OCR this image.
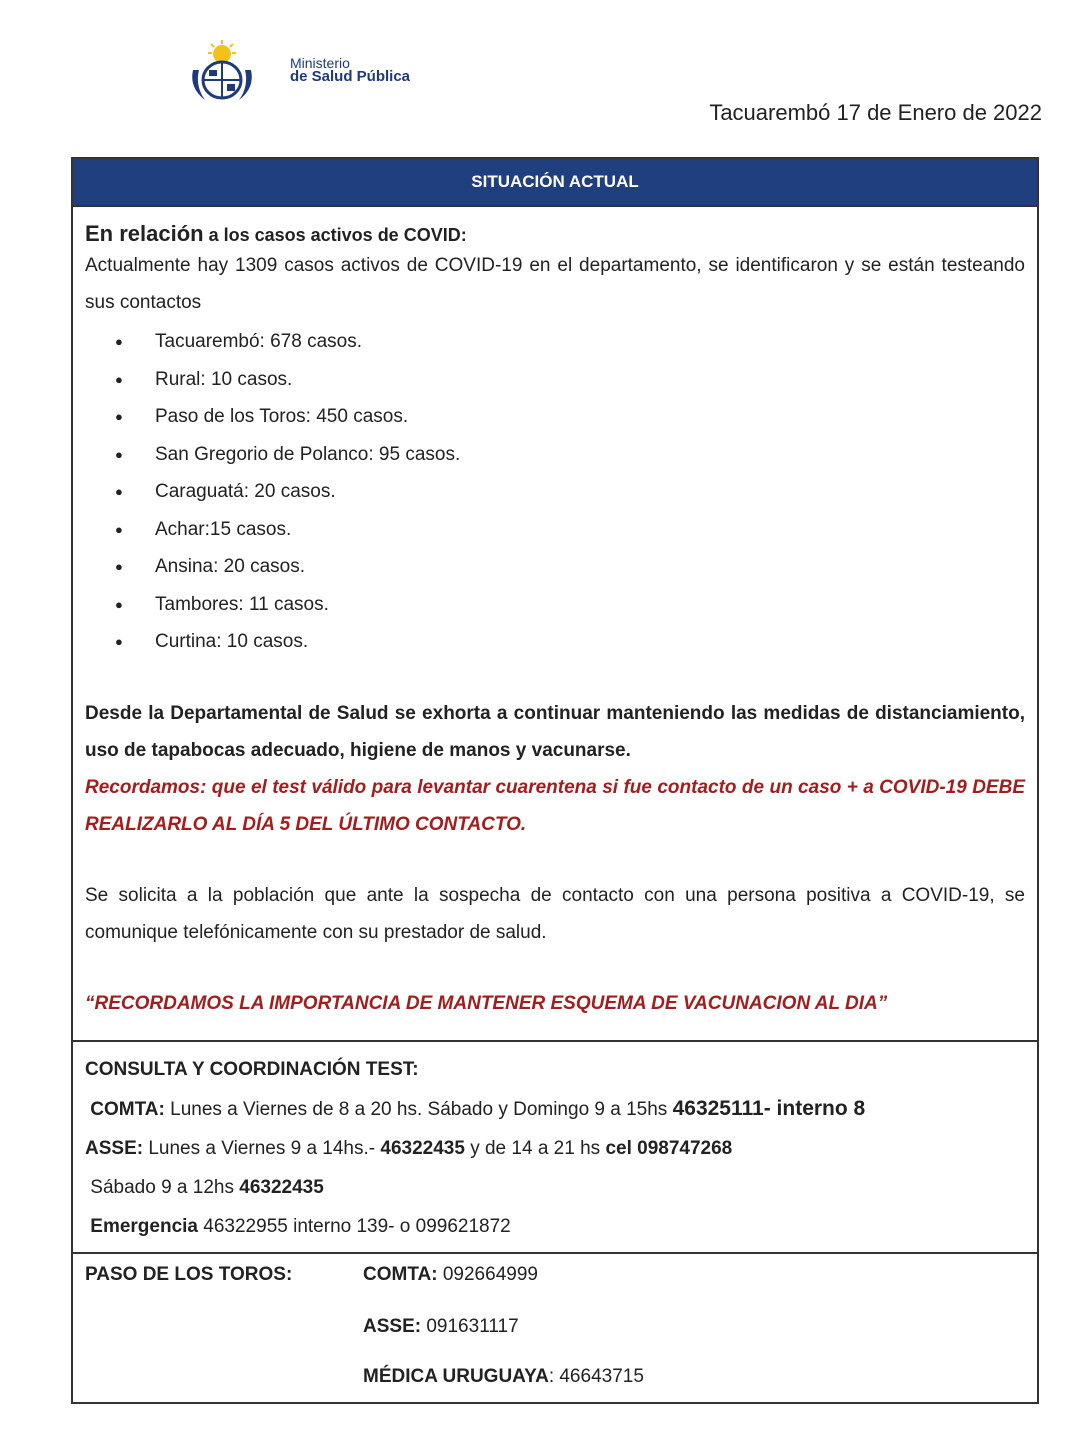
Ministerio
de Salud Pública
Tacuarembó 17 de Enero de 2022
SITUACIÓN ACTUAL
En relación a los casos activos de COVID:

Actualmente hay 1309 casos activos de COVID-19 en el departamento, se identificaron y se están testeando sus contactos

● Tacuarembó: 678 casos.
● Rural: 10 casos.
● Paso de los Toros: 450 casos.
● San Gregorio de Polanco: 95 casos.
● Caraguatá: 20 casos.
● Achar:15 casos.
● Ansina: 20 casos.
● Tambores: 11 casos.
● Curtina: 10 casos.

Desde la Departamental de Salud se exhorta a continuar manteniendo las medidas de distanciamiento, uso de tapabocas adecuado, higiene de manos y vacunarse.

Recordamos: que el test válido para levantar cuarentena si fue contacto de un caso + a COVID-19 DEBE REALIZARLO AL DÍA 5 DEL ÚLTIMO CONTACTO.

Se solicita a la población que ante la sospecha de contacto con una persona positiva a COVID-19, se comunique telefónicamente con su prestador de salud.

“RECORDAMOS LA IMPORTANCIA DE MANTENER ESQUEMA DE VACUNACION AL DIA”

CONSULTA Y COORDINACIÓN TEST:
COMTA: Lunes a Viernes de 8 a 20 hs. Sábado y Domingo 9 a 15hs 46325111- interno 8
ASSE: Lunes a Viernes 9 a 14hs.- 46322435 y de 14 a 21 hs cel 098747268
Sábado 9 a 12hs 46322435
Emergencia 46322955 interno 139- o 099621872
PASO DE LOS TOROS:	COMTA: 092664999
ASSE: 091631117
MÉDICA URUGUAYA: 46643715
